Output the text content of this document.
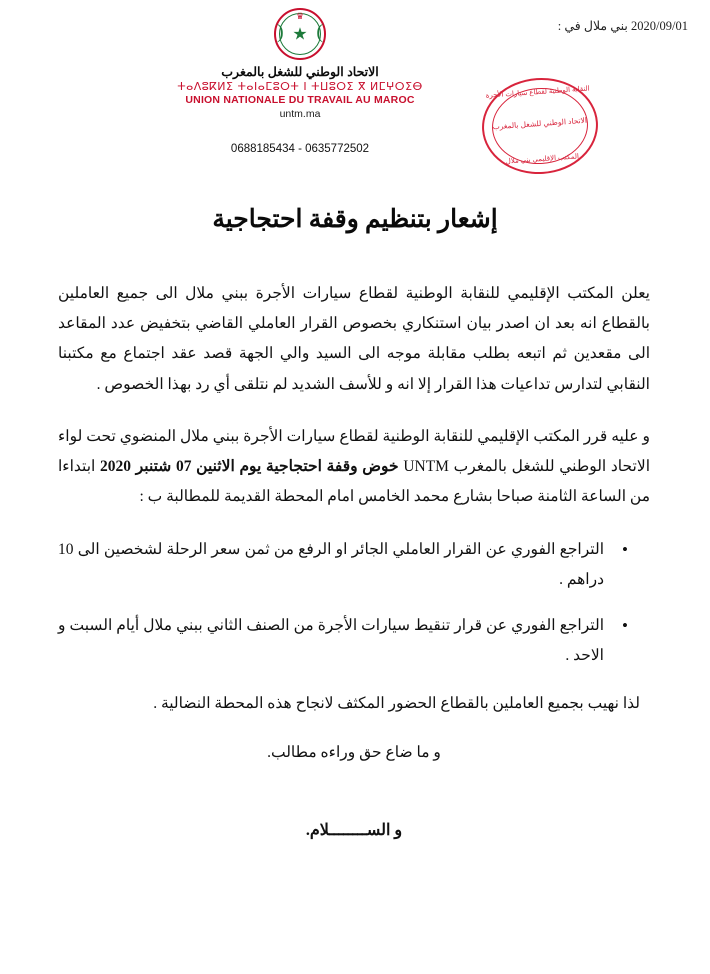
2020/09/01 بني ملال في :
♛
( )
★
الاتحاد الوطني للشغل بالمغرب
ⵜⴰⴷⵓⴽⵍⵉ ⵜⴰⵏⴰⵎⵓⵔⵜ ⵏ ⵜⵡⵓⵔⵉ ⴳ ⵍⵎⵖⵔⵉⴱ
UNION NATIONALE DU TRAVAIL AU MAROC
untm.ma
0688185434 - 0635772502
النقابة الوطنية لقطاع سيارات الأجرة
الاتحاد الوطني للشغل بالمغرب
المكتب الإقليمي بني ملال
إشعار بتنظيم وقفة احتجاجية

يعلن المكتب الإقليمي للنقابة الوطنية لقطاع سيارات الأجرة ببني ملال الى جميع العاملين بالقطاع انه بعد ان اصدر بيان استنكاري بخصوص القرار العاملي القاضي بتخفيض عدد المقاعد الى مقعدين ثم اتبعه بطلب مقابلة موجه الى السيد والي الجهة قصد عقد اجتماع مع مكتبنا النقابي لتدارس تداعيات هذا القرار إلا انه و للأسف الشديد لم نتلقى أي رد بهذا الخصوص .

و عليه قرر المكتب الإقليمي للنقابة الوطنية لقطاع سيارات الأجرة ببني ملال المنضوي تحت لواء الاتحاد الوطني للشغل بالمغرب UNTM خوض وقفة احتجاجية يوم الاثنين 07 شتنبر 2020 ابتداءا من الساعة الثامنة صباحا بشارع محمد الخامس امام المحطة القديمة للمطالبة ب :

• التراجع الفوري عن القرار العاملي الجائر او الرفع من ثمن سعر الرحلة لشخصين الى 10 دراهم .
• التراجع الفوري عن قرار تنقيط سيارات الأجرة من الصنف الثاني ببني ملال أيام السبت و الاحد .

لذا نهيب بجميع العاملين بالقطاع الحضور المكثف لانجاح هذه المحطة النضالية .

و ما ضاع حق وراءه مطالب.

و الســــــــلام.
